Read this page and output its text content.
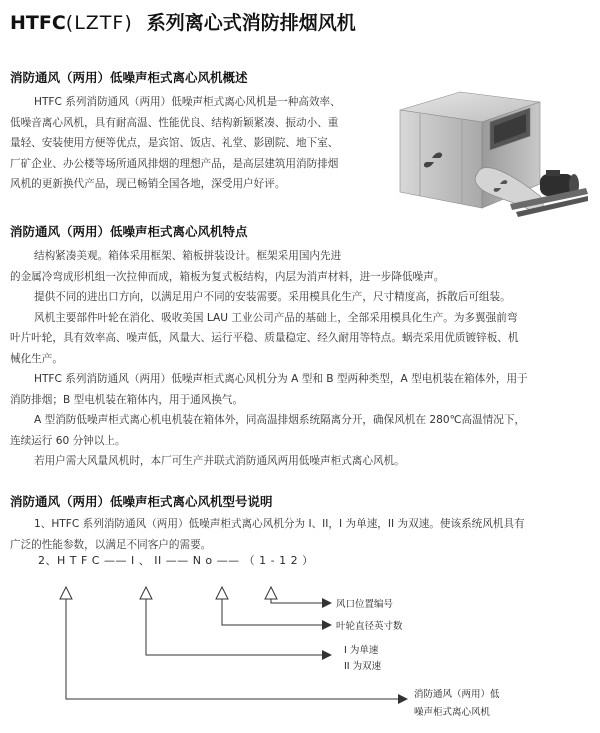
HTFC(LZTF) 系列离心式消防排烟风机
消防通风（两用）低噪声柜式离心风机概述

HTFC 系列消防通风（两用）低噪声柜式离心风机是一种高效率、

低噪音离心风机，具有耐高温、性能优良、结构新颖紧凑、振动小、重

量轻、安装使用方便等优点，是宾馆、饭店、礼堂、影剧院、地下室、

厂矿企业、办公楼等场所通风排烟的理想产品，是高层建筑用消防排烟

风机的更新换代产品，现已畅销全国各地，深受用户好评。

消防通风（两用）低噪声柜式离心风机特点

结构紧凑美观。箱体采用框架、箱板拼装设计。框架采用国内先进

的金属冷弯成形机组一次拉伸而成，箱板为复式板结构，内层为消声材料，进一步降低噪声。

提供不同的进出口方向，以满足用户不同的安装需要。采用模具化生产，尺寸精度高，拆散后可组装。

风机主要部件叶轮在消化、吸收美国 LAU 工业公司产品的基础上，全部采用模具化生产。为多翼强前弯

叶片叶轮，具有效率高、噪声低，风量大、运行平稳、质量稳定、经久耐用等特点。蜗壳采用优质镀锌板、机

械化生产。

HTFC 系列消防通风（两用）低噪声柜式离心风机分为 A 型和 B 型两种类型，A 型电机装在箱体外，用于

消防排烟；B 型电机装在箱体内，用于通风换气。

A 型消防低噪声柜式离心机电机装在箱体外，同高温排烟系统隔离分开，确保风机在 280℃高温情况下，

连续运行 60 分钟以上。

若用户需大风量风机时，本厂可生产并联式消防通风两用低噪声柜式离心风机。

消防通风（两用）低噪声柜式离心风机型号说明

1、HTFC 系列消防通风（两用）低噪声柜式离心风机分为 I、II，I 为单速，II 为双速。使该系统风机具有

广泛的性能参数，以满足不同客户的需要。

2、H T F C —— I 、 II —— N o —— （ 1 - 1 2 ）
风口位置编号
叶轮直径英寸数
I 为单速
II 为双速
消防通风（两用）低
噪声柜式离心风机
